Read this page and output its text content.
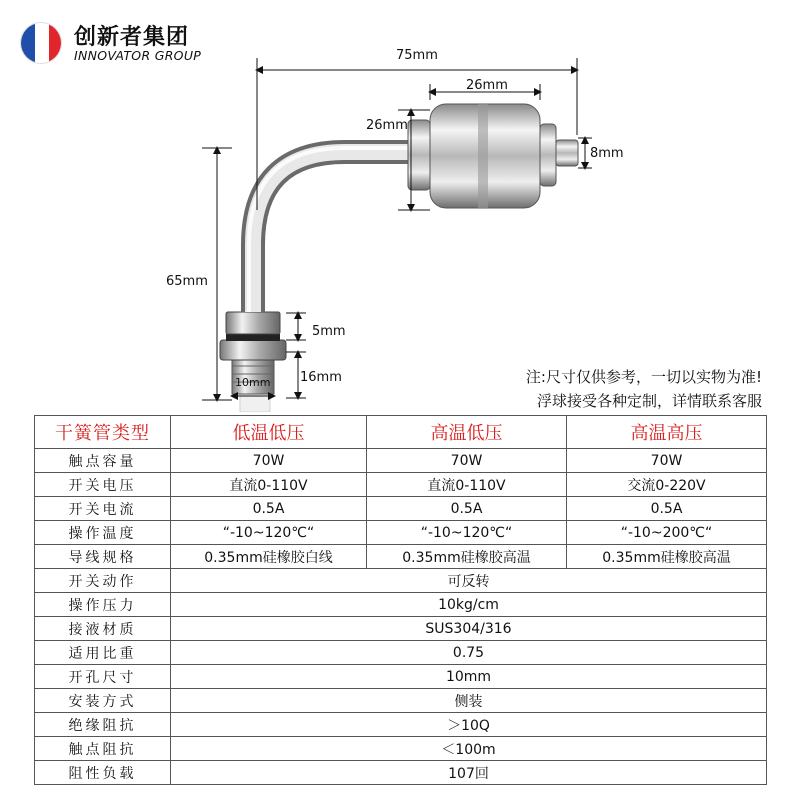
创新者集团
INNOVATOR GROUP	75mm
26mm
26mm
8mm
65mm
5mm
16mm
10mm	注:尺寸仅供参考，一切以实物为准!
浮球接受各种定制，详情联系客服
干簧管类型	低温低压	高温低压	高温高压
触点容量	70W	70W	70W
开关电压	直流0-110V	直流0-110V	交流0-220V
开关电流	0.5A	0.5A	0.5A
操作温度	“-10~120℃“	“-10~120℃“	“-10~200℃“
导线规格	0.35mm硅橡胶白线	0.35mm硅橡胶高温	0.35mm硅橡胶高温
开关动作	可反转		
操作压力	10kg/cm		
接液材质	SUS304/316		
适用比重	0.75		
开孔尺寸	10mm		
安装方式	侧装		
绝缘阻抗	＞10Q		
触点阻抗	＜100m		
阻性负载	107回		
